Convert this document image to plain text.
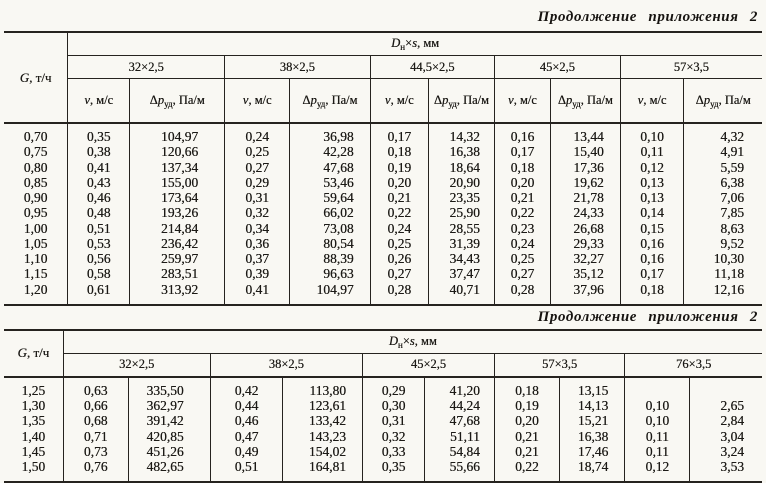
Продолжение приложения 2
G, т/ч	$D_н\times s$, мм									
	32×2,5		38×2,5		44,5×2,5		45×2,5		57×3,5	
	v, м/с	$\Delta p_{уд}$, Па/м	v, м/с	$\Delta p_{уд}$, Па/м	v, м/с	$\Delta p_{уд}$, Па/м	v, м/с	$\Delta p_{уд}$, Па/м	v, м/с	$\Delta p_{уд}$, Па/м
0,70	0,35	104,97	0,24	36,98	0,17	14,32	0,16	13,44	0,10	4,32
0,75	0,38	120,66	0,25	42,28	0,18	16,38	0,17	15,40	0,11	4,91
0,80	0,41	137,34	0,27	47,68	0,19	18,64	0,18	17,36	0,12	5,59
0,85	0,43	155,00	0,29	53,46	0,20	20,90	0,20	19,62	0,13	6,38
0,90	0,46	173,64	0,31	59,64	0,21	23,35	0,21	21,78	0,13	7,06
0,95	0,48	193,26	0,32	66,02	0,22	25,90	0,22	24,33	0,14	7,85
1,00	0,51	214,84	0,34	73,08	0,24	28,55	0,23	26,68	0,15	8,63
1,05	0,53	236,42	0,36	80,54	0,25	31,39	0,24	29,33	0,16	9,52
1,10	0,56	259,97	0,37	88,39	0,26	34,43	0,25	32,27	0,16	10,30
1,15	0,58	283,51	0,39	96,63	0,27	37,47	0,27	35,12	0,17	11,18
1,20	0,61	313,92	0,41	104,97	0,28	40,71	0,28	37,96	0,18	12,16
Продолжение приложения 2
G, т/ч	$D_н\times s$, мм									
	32×2,5		38×2,5		45×2,5		57×3,5		76×3,5	
1,25	0,63	335,50	0,42	113,80	0,29	41,20	0,18	13,15		
1,30	0,66	362,97	0,44	123,61	0,30	44,24	0,19	14,13	0,10	2,65
1,35	0,68	391,42	0,46	133,42	0,31	47,68	0,20	15,21	0,10	2,84
1,40	0,71	420,85	0,47	143,23	0,32	51,11	0,21	16,38	0,11	3,04
1,45	0,73	451,26	0,49	154,02	0,33	54,84	0,21	17,46	0,11	3,24
1,50	0,76	482,65	0,51	164,81	0,35	55,66	0,22	18,74	0,12	3,53
